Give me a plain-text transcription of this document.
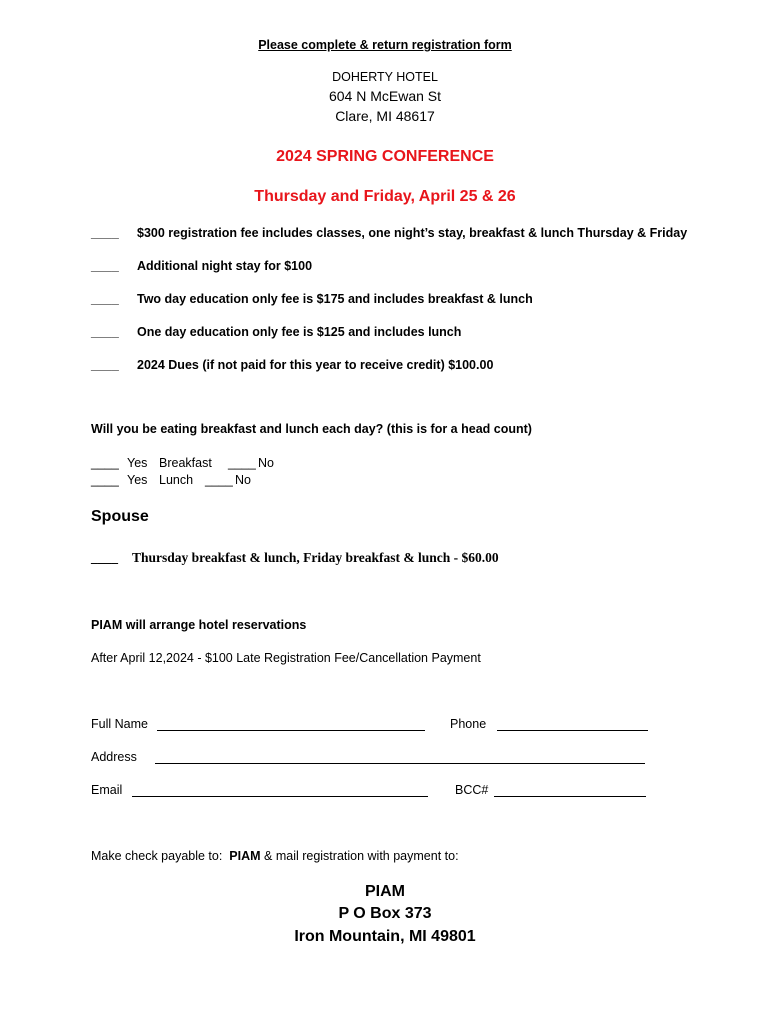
Please complete & return registration form
DOHERTY HOTEL
604 N McEwan St
Clare, MI 48617
2024 SPRING CONFERENCE
Thursday and Friday, April 25 & 26
____ $300 registration fee includes classes, one night’s stay, breakfast & lunch Thursday & Friday
____ Additional night stay for $100
____ Two day education only fee is $175 and includes breakfast & lunch
____ One day education only fee is $125 and includes lunch
____ 2024 Dues (if not paid for this year to receive credit) $100.00
Will you be eating breakfast and lunch each day? (this is for a head count)
____ Yes Breakfast ____ No
____ Yes Lunch ____ No
Spouse
____ Thursday breakfast & lunch, Friday breakfast & lunch - $60.00
PIAM will arrange hotel reservations
After April 12,2024 - $100 Late Registration Fee/Cancellation Payment
Full Name	Phone
Address
Email	BCC#
Make check payable to: PIAM & mail registration with payment to:
PIAM
P O Box 373
Iron Mountain, MI 49801
